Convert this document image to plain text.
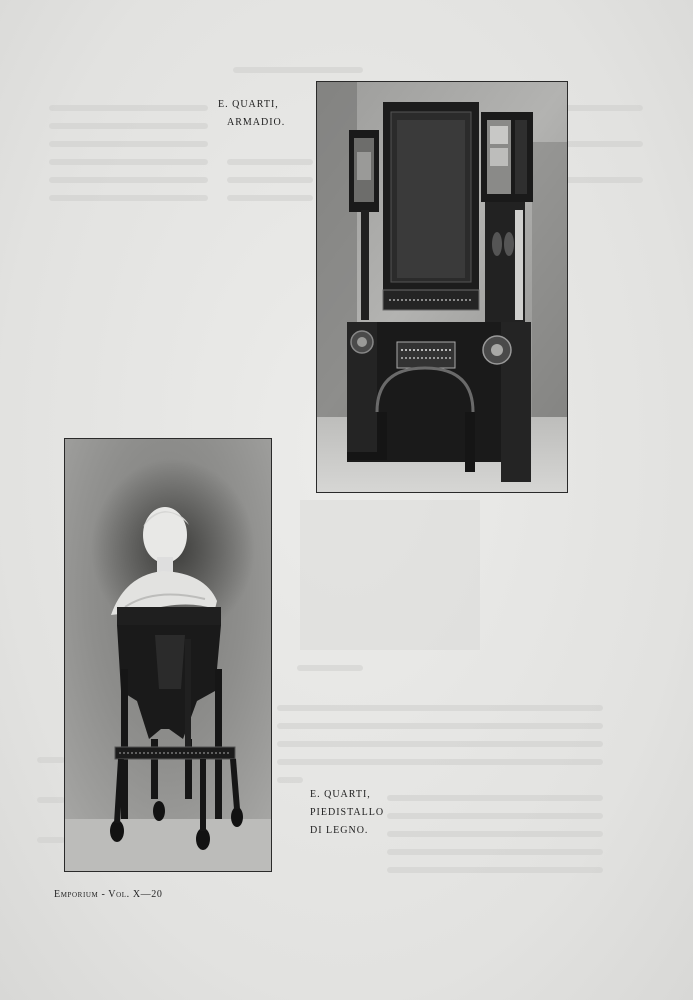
E. QUARTI,
ARMADIO.
E. QUARTI,
PIEDISTALLO
DI LEGNO.
Emporium - Vol. X—20
